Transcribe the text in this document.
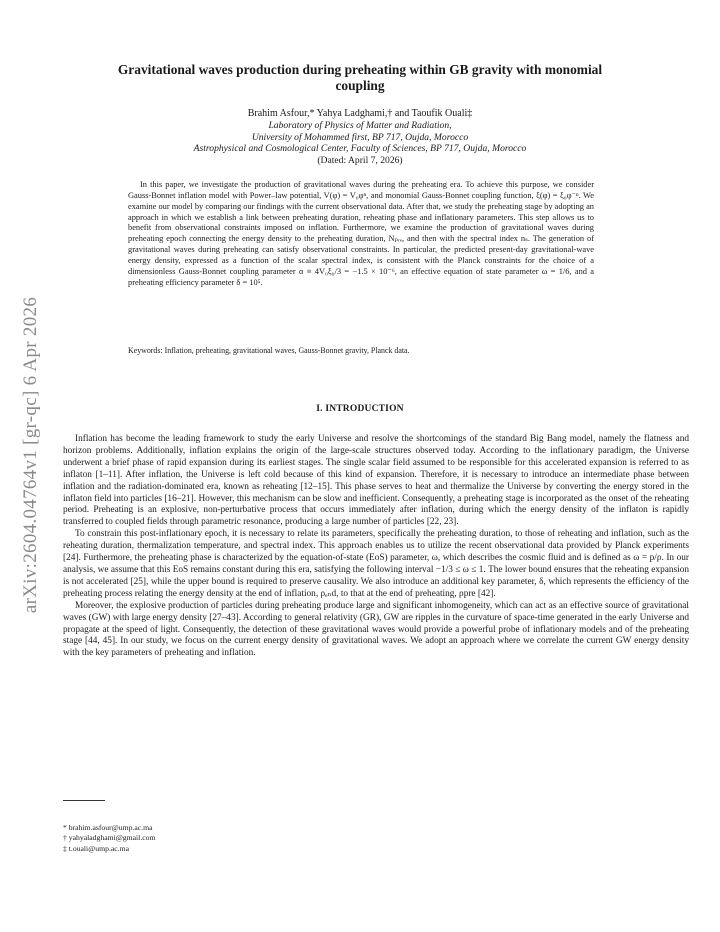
arXiv:2604.04764v1 [gr-qc] 6 Apr 2026
Gravitational waves production during preheating within GB gravity with monomial coupling
Brahim Asfour,* Yahya Ladghami,† and Taoufik Ouali‡
Laboratory of Physics of Matter and Radiation,
University of Mohammed first, BP 717, Oujda, Morocco
Astrophysical and Cosmological Center, Faculty of Sciences, BP 717, Oujda, Morocco
(Dated: April 7, 2026)

In this paper, we investigate the production of gravitational waves during the preheating era. To achieve this purpose, we consider Gauss-Bonnet inflation model with Power–law potential, V(φ) = V₀φⁿ, and monomial Gauss-Bonnet coupling function, ξ(φ) = ξ₀φ⁻ⁿ. We examine our model by comparing our findings with the current observational data. After that, we study the preheating stage by adopting an approach in which we establish a link between preheating duration, reheating phase and inflationary parameters. This step allows us to benefit from observational constraints imposed on inflation. Furthermore, we examine the production of gravitational waves during preheating epoch connecting the energy density to the preheating duration, Nₚᵣₑ, and then with the spectral index nₛ. The generation of gravitational waves during preheating can satisfy observational constraints. In particular, the predicted present-day gravitational-wave energy density, expressed as a function of the scalar spectral index, is consistent with the Planck constraints for the choice of a dimensionless Gauss-Bonnet coupling parameter α ≡ 4V₀ξ₀/3 = −1.5 × 10⁻⁶, an effective equation of state parameter ω = 1/6, and a preheating efficiency parameter δ = 10⁵.

Keywords: Inflation, preheating, gravitational waves, Gauss-Bonnet gravity, Planck data.
I. INTRODUCTION

Inflation has become the leading framework to study the early Universe and resolve the shortcomings of the standard Big Bang model, namely the flatness and horizon problems. Additionally, inflation explains the origin of the large-scale structures observed today. According to the inflationary paradigm, the Universe underwent a brief phase of rapid expansion during its earliest stages. The single scalar field assumed to be responsible for this accelerated expansion is referred to as inflaton [1–11]. After inflation, the Universe is left cold because of this kind of expansion. Therefore, it is necessary to introduce an intermediate phase between inflation and the radiation-dominated era, known as reheating [12–15]. This phase serves to heat and thermalize the Universe by converting the energy stored in the inflaton field into particles [16–21]. However, this mechanism can be slow and inefficient. Consequently, a preheating stage is incorporated as the onset of the reheating period. Preheating is an explosive, non-perturbative process that occurs immediately after inflation, during which the energy density of the inflaton is rapidly transferred to coupled fields through parametric resonance, producing a large number of particles [22, 23].

To constrain this post-inflationary epoch, it is necessary to relate its parameters, specifically the preheating duration, to those of reheating and inflation, such as the reheating duration, thermalization temperature, and spectral index. This approach enables us to utilize the recent observational data provided by Planck experiments [24]. Furthermore, the preheating phase is characterized by the equation-of-state (EoS) parameter, ω, which describes the cosmic fluid and is defined as ω = p/ρ. In our analysis, we assume that this EoS remains constant during this era, satisfying the following interval −1/3 ≤ ω ≤ 1. The lower bound ensures that the reheating expansion is not accelerated [25], while the upper bound is required to preserve causality. We also introduce an additional key parameter, δ, which represents the efficiency of the preheating process relating the energy density at the end of inflation, ρₑₙd, to that at the end of preheating, ρpre [42].

Moreover, the explosive production of particles during preheating produce large and significant inhomogeneity, which can act as an effective source of gravitational waves (GW) with large energy density [27–43]. According to general relativity (GR), GW are ripples in the curvature of space-time generated in the early Universe and propagate at the speed of light. Consequently, the detection of these gravitational waves would provide a powerful probe of inflationary models and of the preheating stage [44, 45]. In our study, we focus on the current energy density of gravitational waves. We adopt an approach where we correlate the current GW energy density with the key parameters of preheating and inflation.

* brahim.asfour@ump.ac.ma
† yahyaladghami@gmail.com
‡ t.ouali@ump.ac.ma
